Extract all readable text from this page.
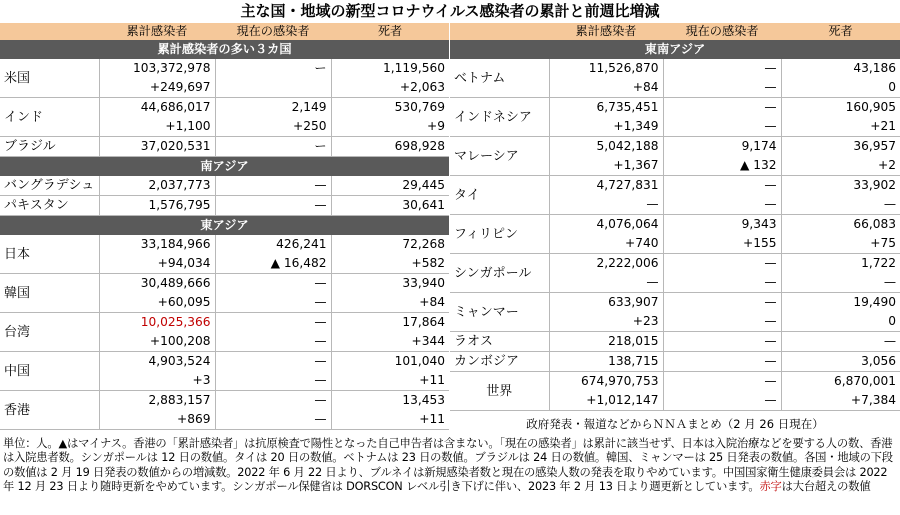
主な国・地域の新型コロナウイルス感染者の累計と前週比増減
	累計感染者	現在の感染者	死者
累計感染者の多い３カ国			
米国	103,372,978	ー	1,119,560
	+249,697		+2,063
インド	44,686,017	2,149	530,769
	+1,100	+250	+9
ブラジル	37,020,531	ー	698,928
南アジア			
バングラデシュ	2,037,773	—	29,445
パキスタン	1,576,795	—	30,641
東アジア			
日本	33,184,966	426,241	72,268
	+94,034	▲ 16,482	+582
韓国	30,489,666	—	33,940
	+60,095	—	+84
台湾	10,025,366	—	17,864
	+100,208	—	+344
中国	4,903,524	—	101,040
	+3	—	+11
香港	2,883,157	—	13,453
	+869	—	+11
	累計感染者	現在の感染者	死者
東南アジア			
ベトナム	11,526,870	—	43,186
	+84	—	0
インドネシア	6,735,451	—	160,905
	+1,349	—	+21
マレーシア	5,042,188	9,174	36,957
	+1,367	▲ 132	+2
タイ	4,727,831	—	33,902
	—	—	—
フィリピン	4,076,064	9,343	66,083
	+740	+155	+75
シンガポール	2,222,006	—	1,722
	—	—	—
ミャンマー	633,907	—	19,490
	+23	—	0
ラオス	218,015	—	—
カンボジア	138,715	—	3,056
世界	674,970,753	—	6,870,001
	+1,012,147	—	+7,384
政府発表・報道などからＮＮＡまとめ（2 月 26 日現在）
単位：人。▲はマイナス。香港の「累計感染者」は抗原検査で陽性となった自己申告者は含まない。「現在の感染者」は累計に該当せず、日本は入院治療などを要する人の数、香港は入院患者数。シンガポールは 12 日の数値。タイは 20 日の数値。ベトナムは 23 日の数値。ブラジルは 24 日の数値。韓国、ミャンマーは 25 日発表の数値。各国・地域の下段の数値は 2 月 19 日発表の数値からの増減数。2022 年 6 月 22 日より、ブルネイは新規感染者数と現在の感染人数の発表を取りやめています。中国国家衛生健康委員会は 2022 年 12 月 23 日より随時更新をやめています。シンガポール保健省は DORSCON レベル引き下げに伴い、2023 年 2 月 13 日より週更新としています。赤字は大台超えの数値
